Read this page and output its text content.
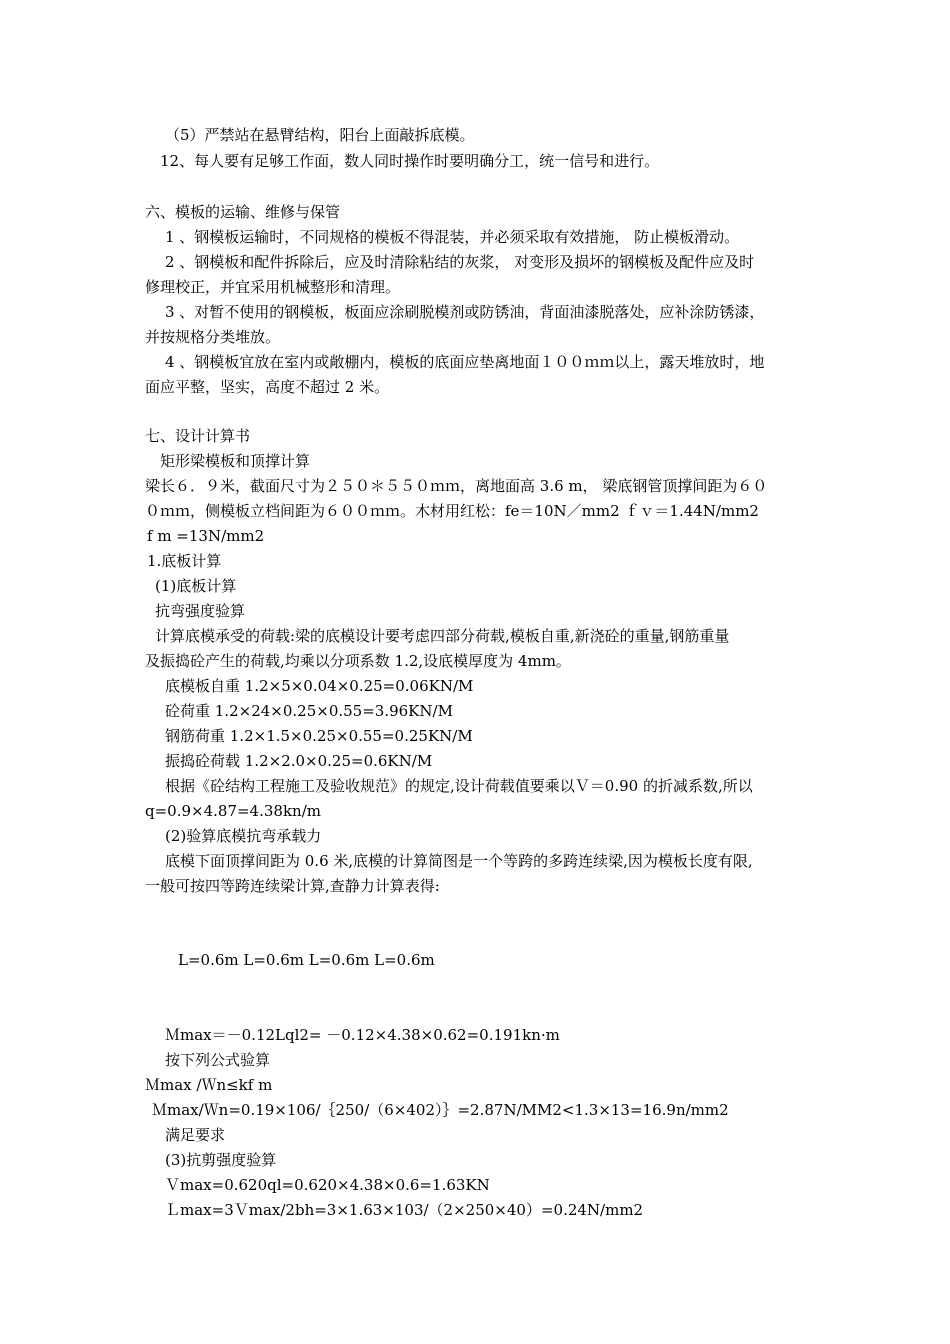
（5）严禁站在悬臂结构，阳台上面敲拆底模。
12、每人要有足够工作面，数人同时操作时要明确分工，统一信号和进行。
六、模板的运输、维修与保管
1 、钢模板运输时，不同规格的模板不得混装，并必须采取有效措施， 防止模板滑动。
2 、钢模板和配件拆除后，应及时清除粘结的灰浆， 对变形及损坏的钢模板及配件应及时
修理校正，并宜采用机械整形和清理。
3 、对暂不使用的钢模板，板面应涂刷脱模剂或防锈油，背面油漆脱落处，应补涂防锈漆，
并按规格分类堆放。
4 、钢模板宜放在室内或敞棚内，模板的底面应垫离地面１００ｍｍ以上，露天堆放时，地
面应平整，坚实，高度不超过 2 米。
七、设计计算书
矩形梁模板和顶撑计算
梁长６．９米，截面尺寸为２５０＊５５０ｍｍ，离地面高 3.6 m， 梁底钢管顶撑间距为６０
０ｍｍ，侧模板立档间距为６００ｍｍ。木材用红松：fe＝10N／mm2 ｆｖ＝1.44N/mm2
f m =13N/mm2
1.底板计算
(1)底板计算
抗弯强度验算
计算底模承受的荷载:梁的底模设计要考虑四部分荷载,模板自重,新浇砼的重量,钢筋重量
及振捣砼产生的荷载,均乘以分项系数 1.2,设底模厚度为 4mm。
底模板自重 1.2×5×0.04×0.25=0.06KN/M
砼荷重 1.2×24×0.25×0.55=3.96KN/M
钢筋荷重 1.2×1.5×0.25×0.55=0.25KN/M
振捣砼荷载 1.2×2.0×0.25=0.6KN/M
根据《砼结构工程施工及验收规范》的规定,设计荷载值要乘以Ｖ＝0.90 的折减系数,所以
q=0.9×4.87=4.38kn/m
(2)验算底模抗弯承载力
底模下面顶撑间距为 0.6 米,底模的计算简图是一个等跨的多跨连续梁,因为模板长度有限,
一般可按四等跨连续梁计算,查静力计算表得:
L=0.6m L=0.6m L=0.6m L=0.6m
Ｍmax＝－0.12Lql2= －0.12×4.38×0.62=0.191kn·m
按下列公式验算
Ｍmax /Ｗn≤kf m
Ｍmax/Ｗn=0.19×106/｛250/（6×402）｝=2.87N/MM2<1.3×13=16.9n/mm2
满足要求
(3)抗剪强度验算
Ｖmax=0.620ql=0.620×4.38×0.6=1.63KN
Ｌmax=3Ｖmax/2bh=3×1.63×103/（2×250×40）=0.24N/mm2
